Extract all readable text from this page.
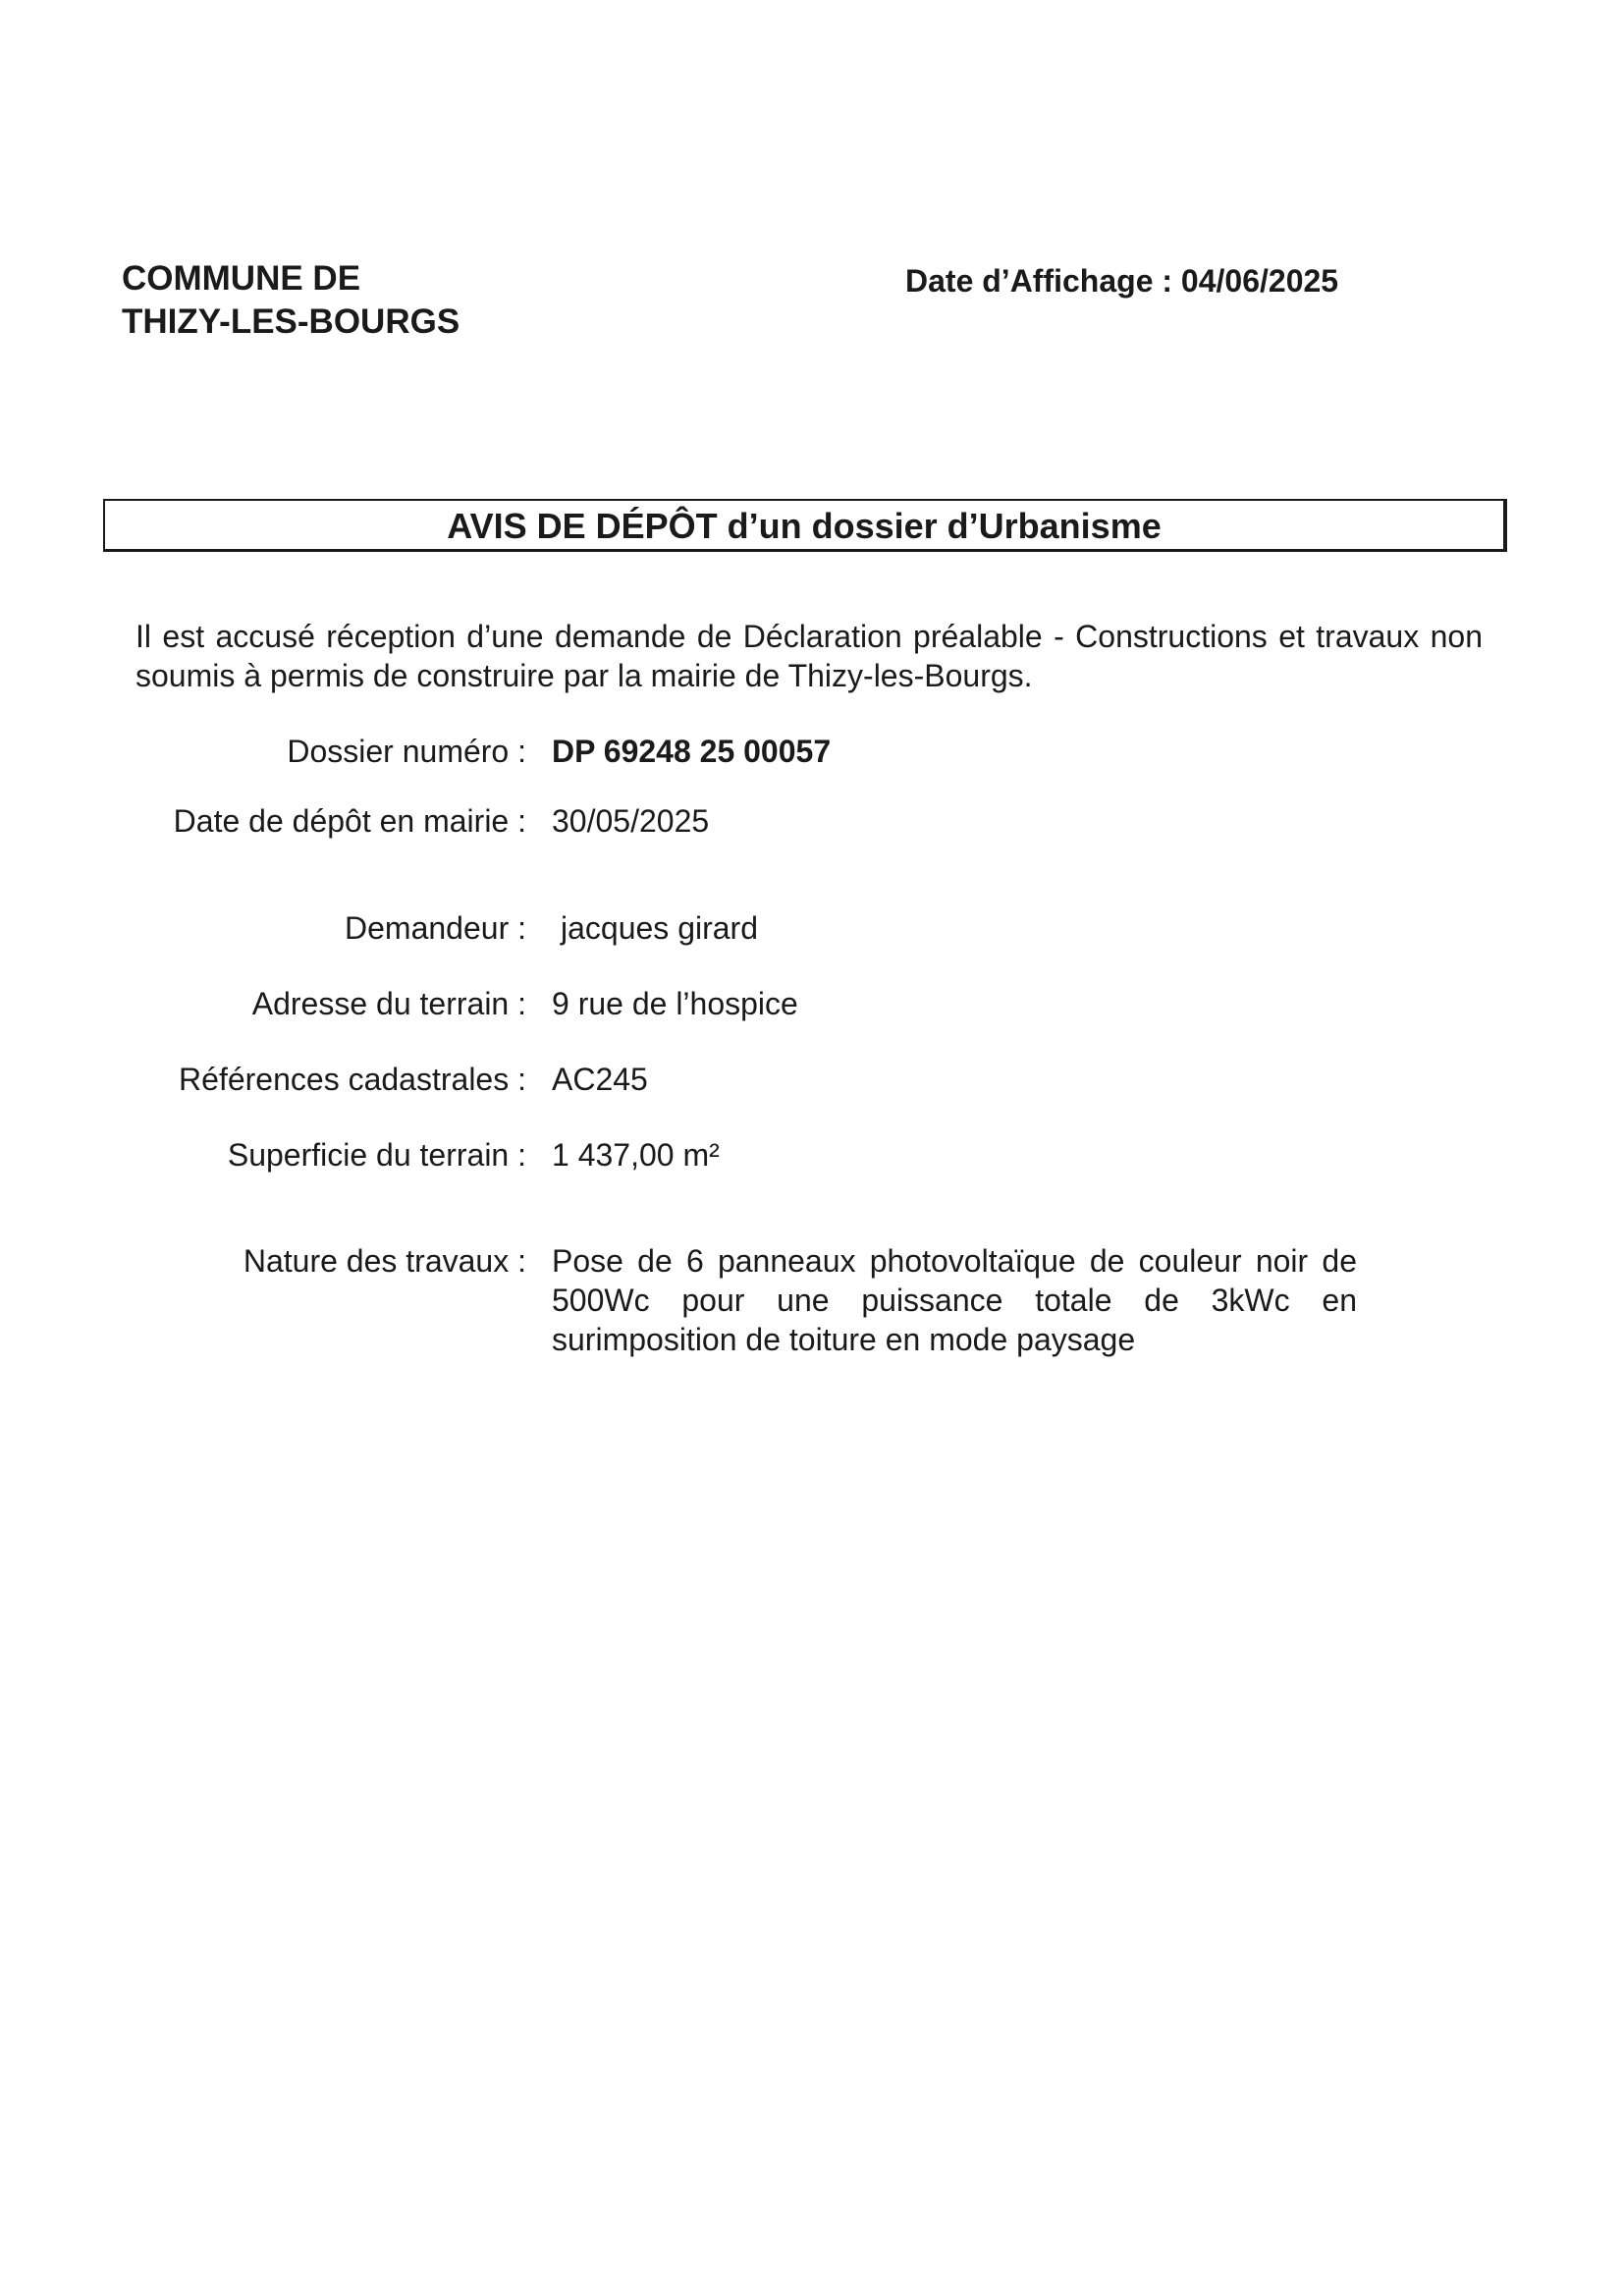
COMMUNE DE
THIZY-LES-BOURGS
Date d’Affichage : 04/06/2025
AVIS DE DÉPÔT d’un dossier d’Urbanisme
Il est accusé réception d’une demande de Déclaration préalable - Constructions et travaux non soumis à permis de construire par la mairie de Thizy-les-Bourgs.
Dossier numéro : DP 69248 25 00057
Date de dépôt en mairie : 30/05/2025
Demandeur : jacques girard
Adresse du terrain : 9 rue de l’hospice
Références cadastrales : AC245
Superficie du terrain : 1 437,00 m²
Nature des travaux : Pose de 6 panneaux photovoltaïque de couleur noir de 500Wc pour une puissance totale de 3kWc en surimposition de toiture en mode paysage
